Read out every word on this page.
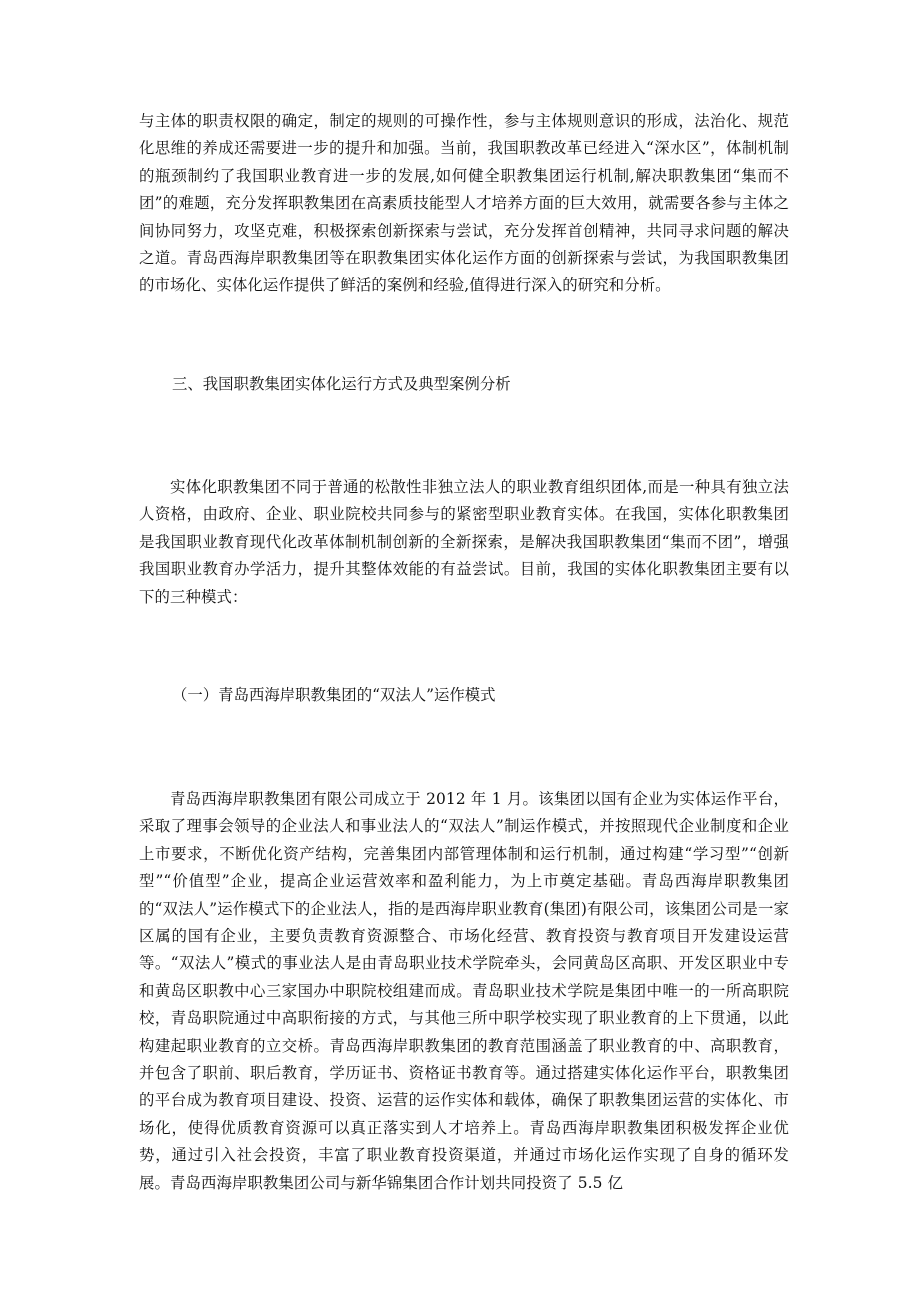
与主体的职责权限的确定，制定的规则的可操作性，参与主体规则意识的形成，法治化、规范化思维的养成还需要进一步的提升和加强。当前，我国职教改革已经进入“深水区”，体制机制的瓶颈制约了我国职业教育进一步的发展,如何健全职教集团运行机制,解决职教集团“集而不团”的难题，充分发挥职教集团在高素质技能型人才培养方面的巨大效用，就需要各参与主体之间协同努力，攻坚克难，积极探索创新探索与尝试，充分发挥首创精神，共同寻求问题的解决之道。青岛西海岸职教集团等在职教集团实体化运作方面的创新探索与尝试，为我国职教集团的市场化、实体化运作提供了鲜活的案例和经验,值得进行深入的研究和分析。

三、我国职教集团实体化运行方式及典型案例分析

实体化职教集团不同于普通的松散性非独立法人的职业教育组织团体,而是一种具有独立法人资格，由政府、企业、职业院校共同参与的紧密型职业教育实体。在我国，实体化职教集团是我国职业教育现代化改革体制机制创新的全新探索，是解决我国职教集团“集而不团”，增强我国职业教育办学活力，提升其整体效能的有益尝试。目前，我国的实体化职教集团主要有以下的三种模式：

（一）青岛西海岸职教集团的“双法人”运作模式

青岛西海岸职教集团有限公司成立于 2012 年 1 月。该集团以国有企业为实体运作平台，采取了理事会领导的企业法人和事业法人的“双法人”制运作模式，并按照现代企业制度和企业上市要求，不断优化资产结构，完善集团内部管理体制和运行机制，通过构建“学习型”“创新型”“价值型”企业，提高企业运营效率和盈利能力，为上市奠定基础。青岛西海岸职教集团的“双法人”运作模式下的企业法人，指的是西海岸职业教育(集团)有限公司，该集团公司是一家区属的国有企业，主要负责教育资源整合、市场化经营、教育投资与教育项目开发建设运营等。“双法人”模式的事业法人是由青岛职业技术学院牵头，会同黄岛区高职、开发区职业中专和黄岛区职教中心三家国办中职院校组建而成。青岛职业技术学院是集团中唯一的一所高职院校，青岛职院通过中高职衔接的方式，与其他三所中职学校实现了职业教育的上下贯通，以此构建起职业教育的立交桥。青岛西海岸职教集团的教育范围涵盖了职业教育的中、高职教育，并包含了职前、职后教育，学历证书、资格证书教育等。通过搭建实体化运作平台，职教集团的平台成为教育项目建设、投资、运营的运作实体和载体，确保了职教集团运营的实体化、市场化，使得优质教育资源可以真正落实到人才培养上。青岛西海岸职教集团积极发挥企业优势，通过引入社会投资，丰富了职业教育投资渠道，并通过市场化运作实现了自身的循环发展。青岛西海岸职教集团公司与新华锦集团合作计划共同投资了 5.5 亿
